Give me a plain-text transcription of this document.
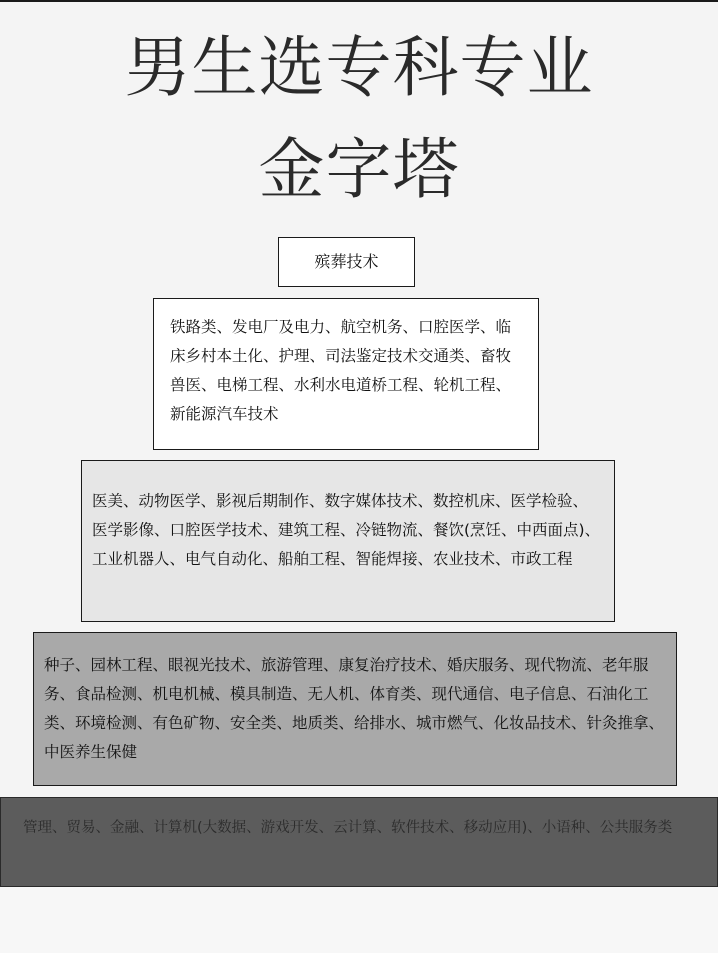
男生选专科专业
金字塔
殡葬技术
铁路类、发电厂及电力、航空机务、口腔医学、临床乡村本土化、护理、司法鉴定技术交通类、畜牧兽医、电梯工程、水利水电道桥工程、轮机工程、新能源汽车技术
医美、动物医学、影视后期制作、数字媒体技术、数控机床、医学检验、医学影像、口腔医学技术、建筑工程、冷链物流、餐饮(烹饪、中西面点)、工业机器人、电气自动化、船舶工程、智能焊接、农业技术、市政工程
种子、园林工程、眼视光技术、旅游管理、康复治疗技术、婚庆服务、现代物流、老年服务、食品检测、机电机械、模具制造、无人机、体育类、现代通信、电子信息、石油化工类、环境检测、有色矿物、安全类、地质类、给排水、城市燃气、化妆品技术、针灸推拿、中医养生保健
管理、贸易、金融、计算机(大数据、游戏开发、云计算、软件技术、移动应用)、小语种、公共服务类
